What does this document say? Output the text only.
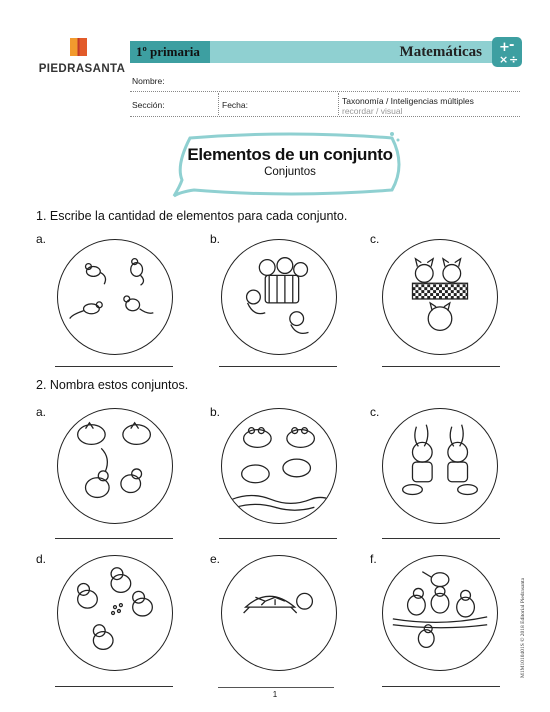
PIEDRASANTA
1º primaria	Matemáticas + -
× ÷
Nombre:
Sección:	Fecha:	Taxonomía / Inteligencias múltiples
recordar / visual
Elementos de un conjunto
Conjuntos
1. Escribe la cantidad de elementos para cada conjunto.
a.	b.	c.
2. Nombra estos conjuntos.
a.	b.	c.
d.	e.	f.
1
M1M1010401S © 2018 Editorial Piedrasanta
